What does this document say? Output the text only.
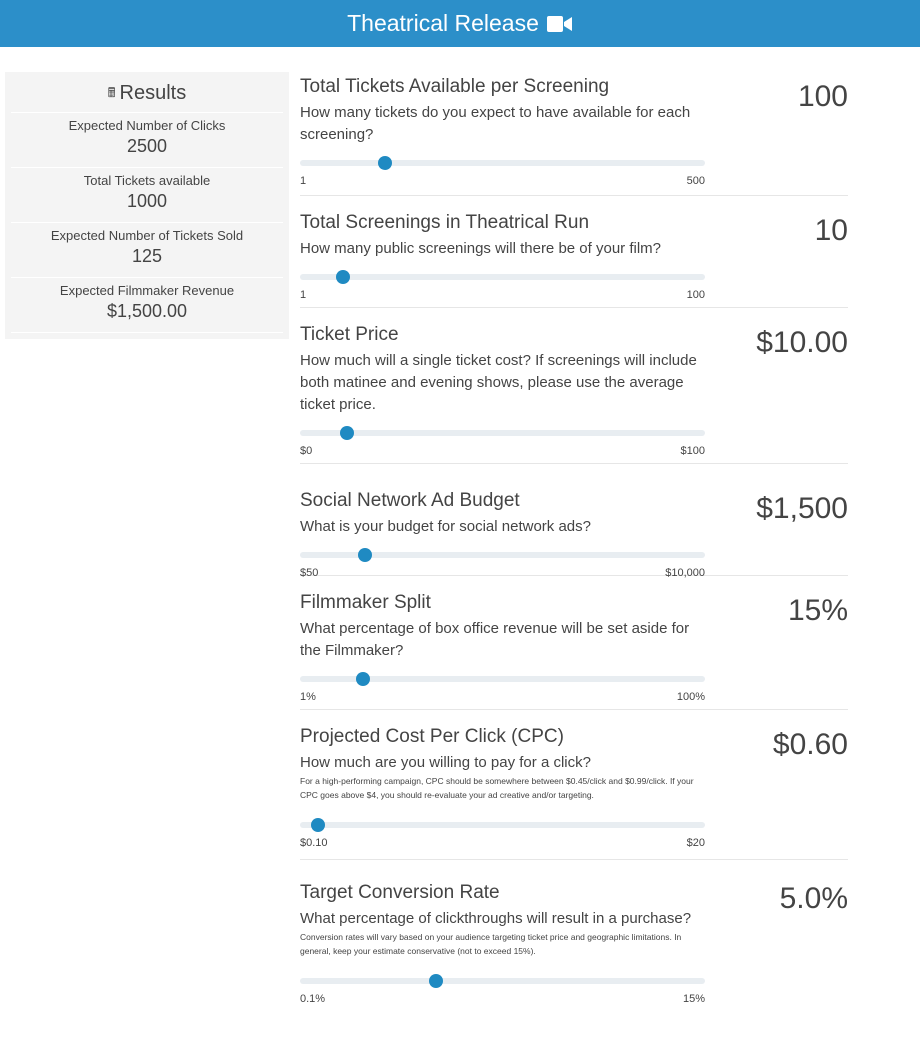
Theatrical Release
🖩 Results
Expected Number of Clicks
2500
Total Tickets available
1000
Expected Number of Tickets Sold
125
Expected Filmmaker Revenue
$1,500.00
Total Tickets Available per Screening
How many tickets do you expect to have available for each screening?
100
1	500
Total Screenings in Theatrical Run
How many public screenings will there be of your film?
10
1	100
Ticket Price
How much will a single ticket cost? If screenings will include both matinee and evening shows, please use the average ticket price.
$10.00
$0	$100
Social Network Ad Budget
What is your budget for social network ads?
$1,500
$50	$10,000
Filmmaker Split
What percentage of box office revenue will be set aside for the Filmmaker?
15%
1%	100%
Projected Cost Per Click (CPC)
How much are you willing to pay for a click?
For a high-performing campaign, CPC should be somewhere between $0.45/click and $0.99/click. If your CPC goes above $4, you should re-evaluate your ad creative and/or targeting.
$0.60
$0.10	$20
Target Conversion Rate
What percentage of clickthroughs will result in a purchase?
Conversion rates will vary based on your audience targeting ticket price and geographic limitations. In general, keep your estimate conservative (not to exceed 15%).
5.0%
0.1%	15%
